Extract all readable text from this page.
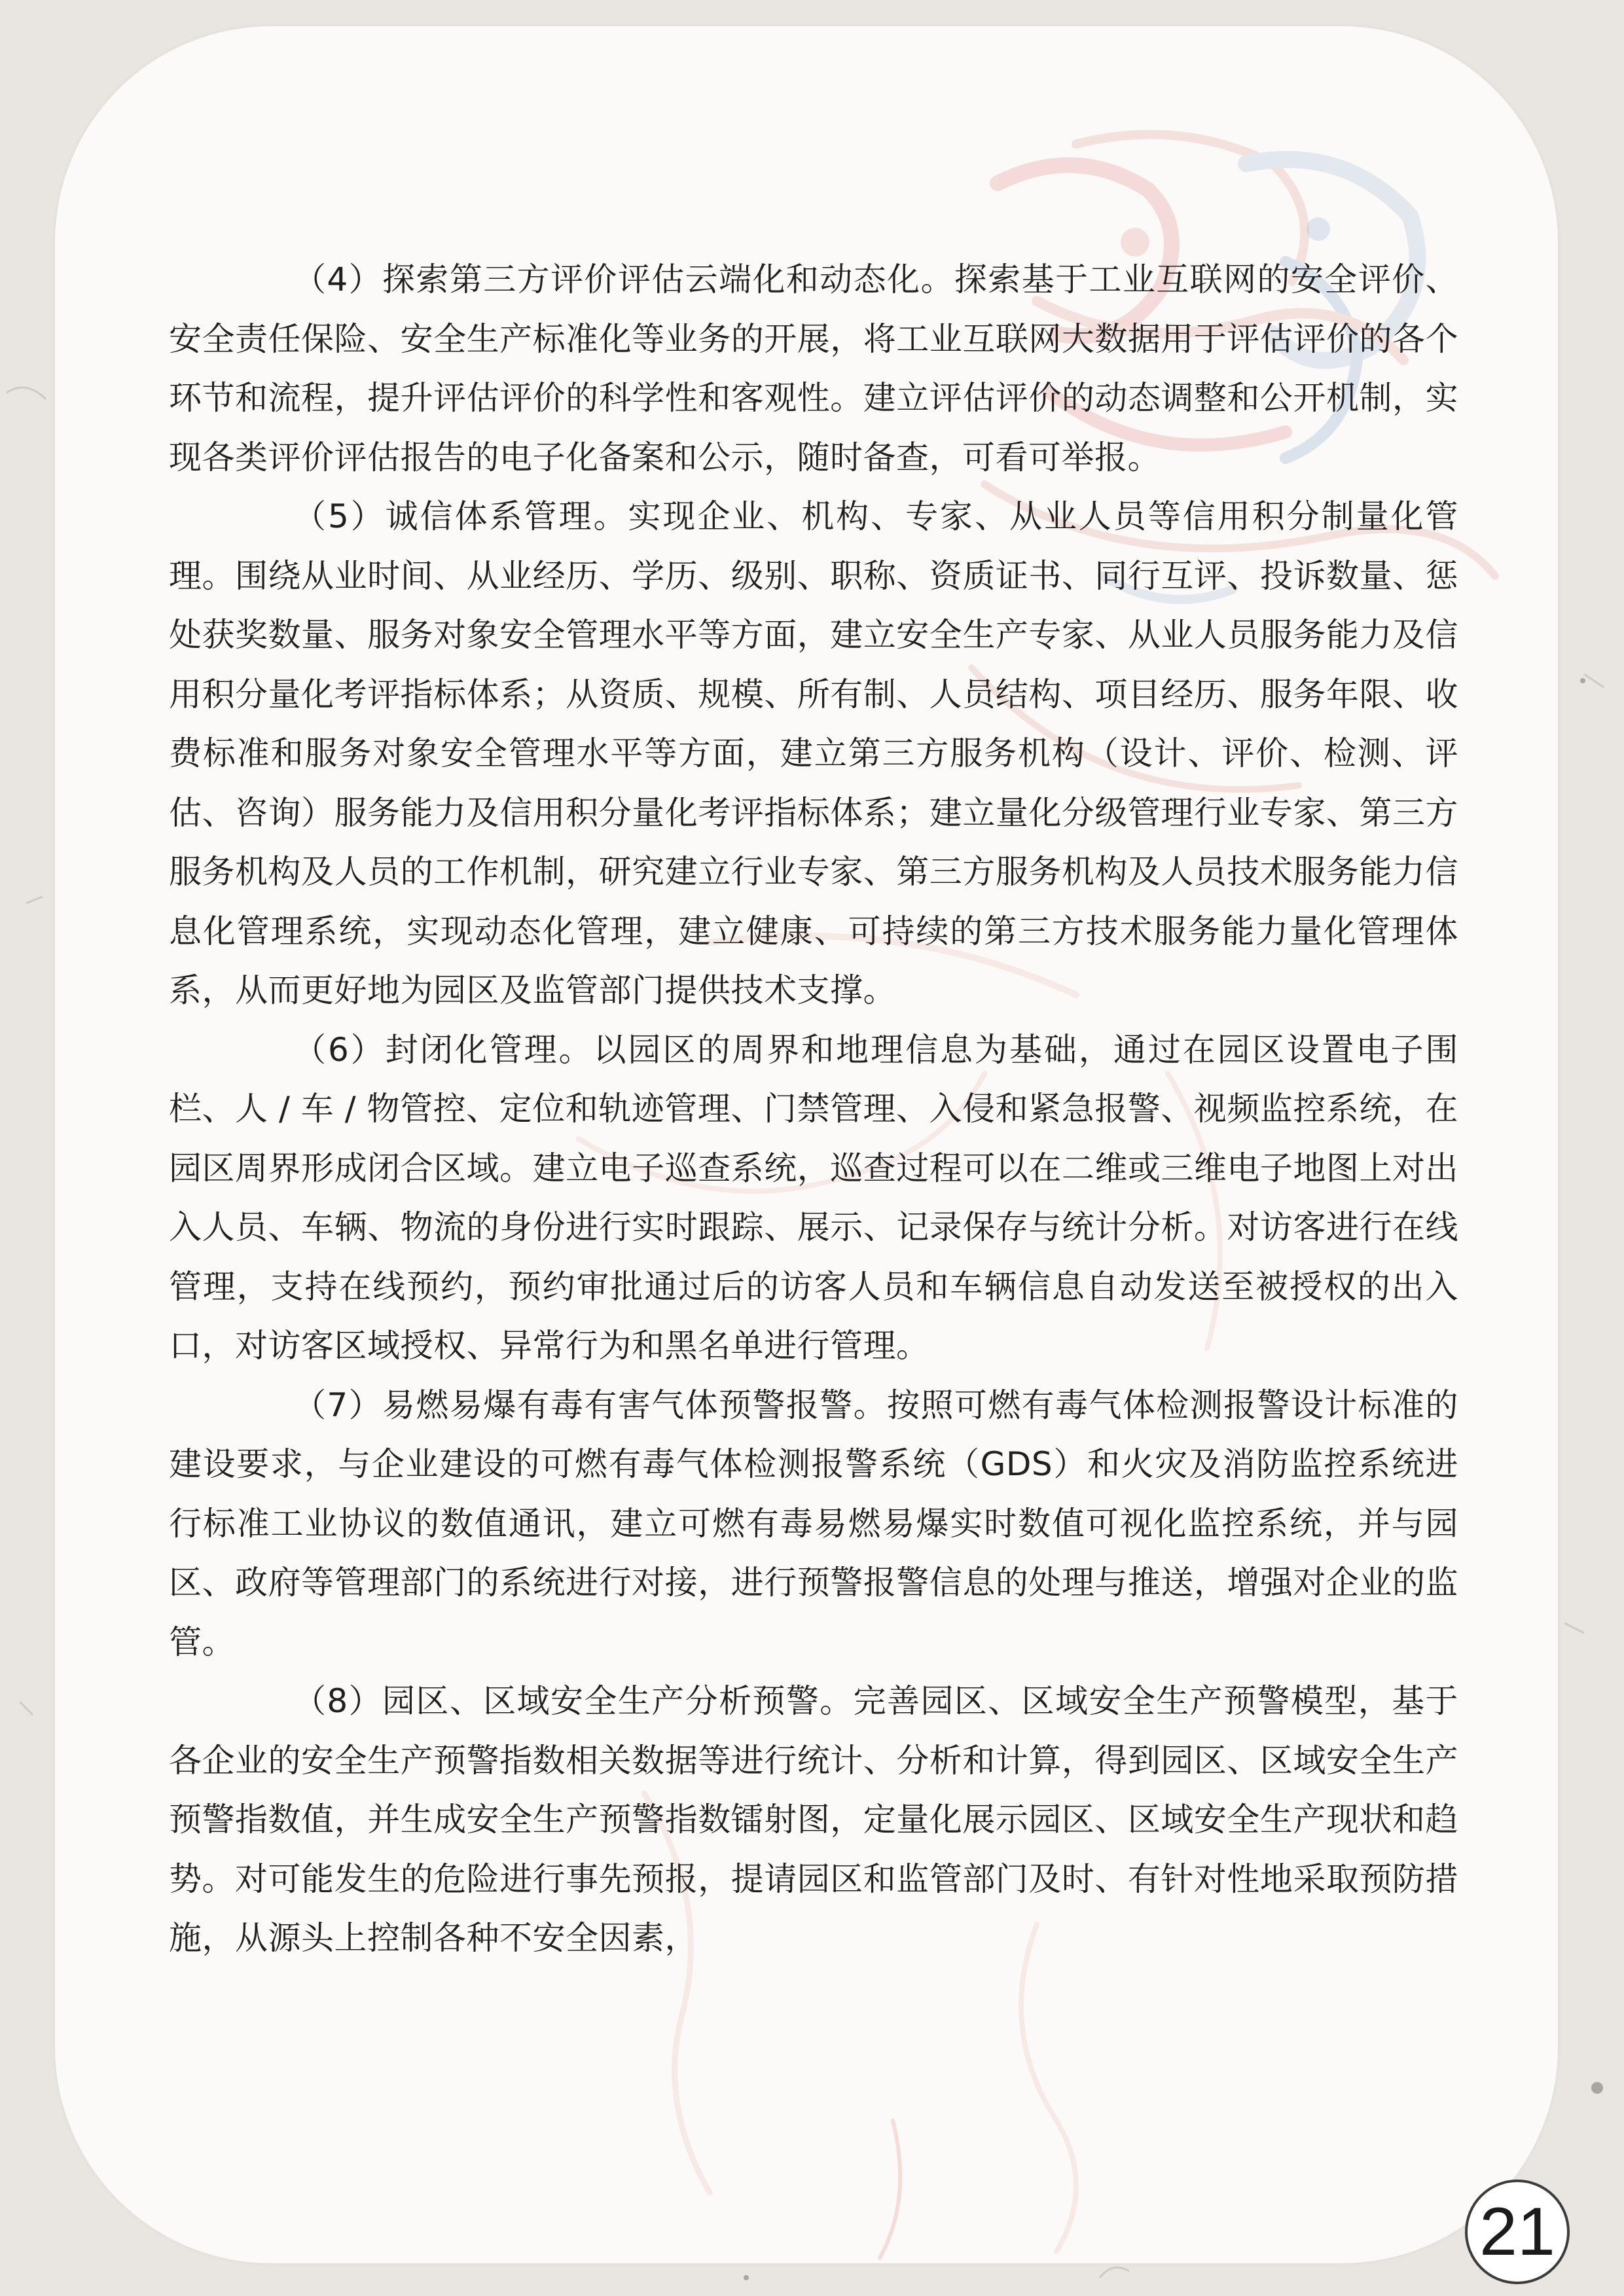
（4）探索第三方评价评估云端化和动态化。探索基于工业互联网的安全评价、安全责任保险、安全生产标准化等业务的开展，将工业互联网大数据用于评估评价的各个环节和流程，提升评估评价的科学性和客观性。建立评估评价的动态调整和公开机制，实现各类评价评估报告的电子化备案和公示，随时备查，可看可举报。

（5）诚信体系管理。实现企业、机构、专家、从业人员等信用积分制量化管理。围绕从业时间、从业经历、学历、级别、职称、资质证书、同行互评、投诉数量、惩处获奖数量、服务对象安全管理水平等方面，建立安全生产专家、从业人员服务能力及信用积分量化考评指标体系；从资质、规模、所有制、人员结构、项目经历、服务年限、收费标准和服务对象安全管理水平等方面，建立第三方服务机构（设计、评价、检测、评估、咨询）服务能力及信用积分量化考评指标体系；建立量化分级管理行业专家、第三方服务机构及人员的工作机制，研究建立行业专家、第三方服务机构及人员技术服务能力信息化管理系统，实现动态化管理，建立健康、可持续的第三方技术服务能力量化管理体系，从而更好地为园区及监管部门提供技术支撑。

（6）封闭化管理。以园区的周界和地理信息为基础，通过在园区设置电子围栏、人 / 车 / 物管控、定位和轨迹管理、门禁管理、入侵和紧急报警、视频监控系统，在园区周界形成闭合区域。建立电子巡查系统，巡查过程可以在二维或三维电子地图上对出入人员、车辆、物流的身份进行实时跟踪、展示、记录保存与统计分析。对访客进行在线管理，支持在线预约，预约审批通过后的访客人员和车辆信息自动发送至被授权的出入口，对访客区域授权、异常行为和黑名单进行管理。

（7）易燃易爆有毒有害气体预警报警。按照可燃有毒气体检测报警设计标准的建设要求，与企业建设的可燃有毒气体检测报警系统（GDS）和火灾及消防监控系统进行标准工业协议的数值通讯，建立可燃有毒易燃易爆实时数值可视化监控系统，并与园区、政府等管理部门的系统进行对接，进行预警报警信息的处理与推送，增强对企业的监管。

（8）园区、区域安全生产分析预警。完善园区、区域安全生产预警模型，基于各企业的安全生产预警指数相关数据等进行统计、分析和计算，得到园区、区域安全生产预警指数值，并生成安全生产预警指数镭射图，定量化展示园区、区域安全生产现状和趋势。对可能发生的危险进行事先预报，提请园区和监管部门及时、有针对性地采取预防措施，从源头上控制各种不安全因素，

21
